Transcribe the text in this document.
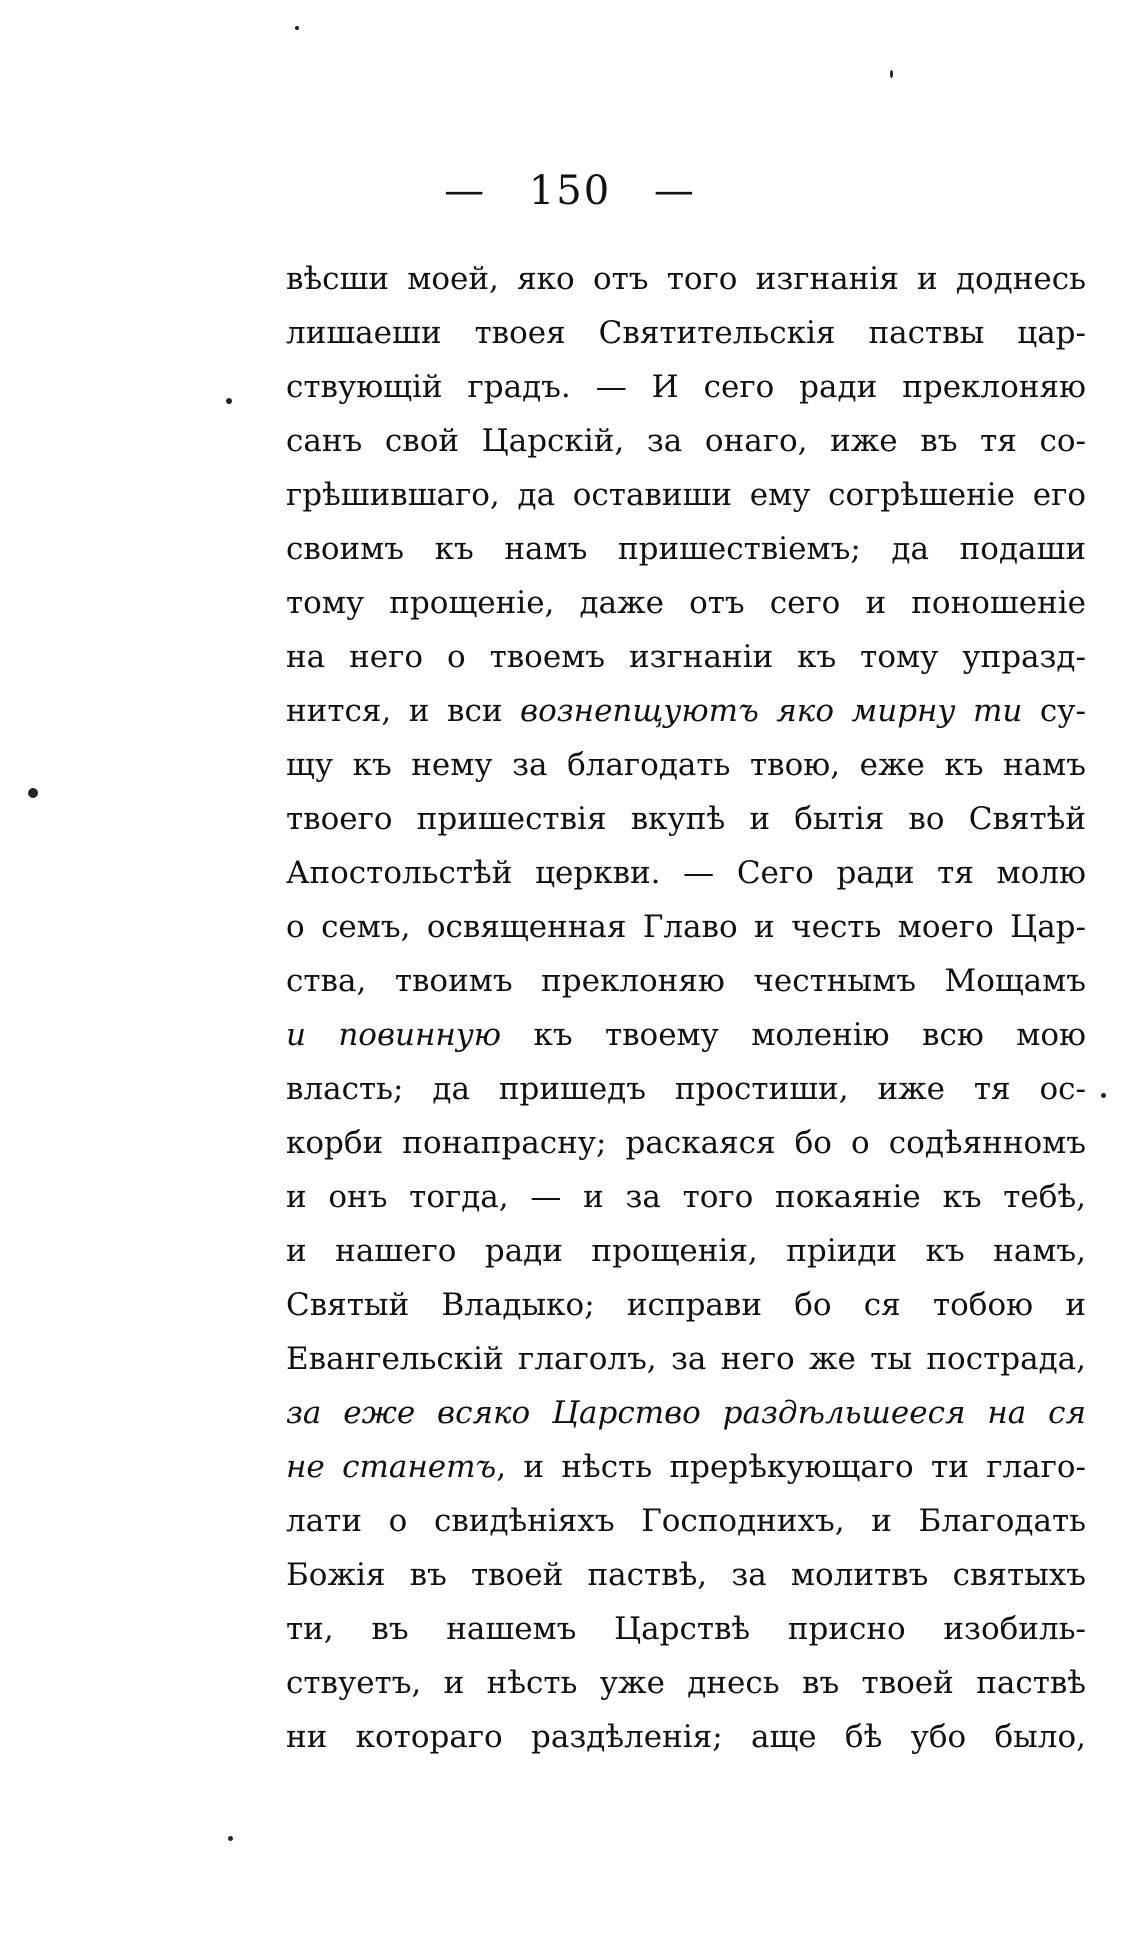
— 150 —
вѣсши моей, яко отъ того изгнанія и доднесь
лишаеши твоея Святительскія паствы цар-
ствующій градъ. — И сего ради преклоняю
санъ свой Царскій, за онаго, иже въ тя со-
грѣшившаго, да оставиши ему согрѣшеніе его
своимъ къ намъ пришествіемъ; да подаши
тому прощеніе, даже отъ сего и поношеніе
на него о твоемъ изгнаніи къ тому упразд-
нится, и вси вознепщуютъ яко мирну ти су-
щу къ нему за благодать твою, еже къ намъ
твоего пришествія вкупѣ и бытія во Святѣй
Апостольстѣй церкви. — Сего ради тя молю
о семъ, освященная Главо и честь моего Цар-
ства, твоимъ преклоняю честнымъ Мощамъ
и повинную къ твоему моленію всю мою
власть; да пришедъ простиши, иже тя ос-
корби понапрасну; раскаяся бо о содѣянномъ
и онъ тогда, — и за того покаяніе къ тебѣ,
и нашего ради прощенія, пріиди къ намъ,
Святый Владыко; исправи бо ся тобою и
Евангельскій глаголъ, за него же ты пострада,
за еже всяко Царство раздѣльшееся на ся
не станетъ, и нѣсть прерѣкующаго ти глаго-
лати о свидѣніяхъ Господнихъ, и Благодать
Божія въ твоей паствѣ, за молитвъ святыхъ
ти, въ нашемъ Царствѣ присно изобиль-
ствуетъ, и нѣсть уже днесь въ твоей паствѣ
ни котораго раздѣленія; аще бѣ убо было,
